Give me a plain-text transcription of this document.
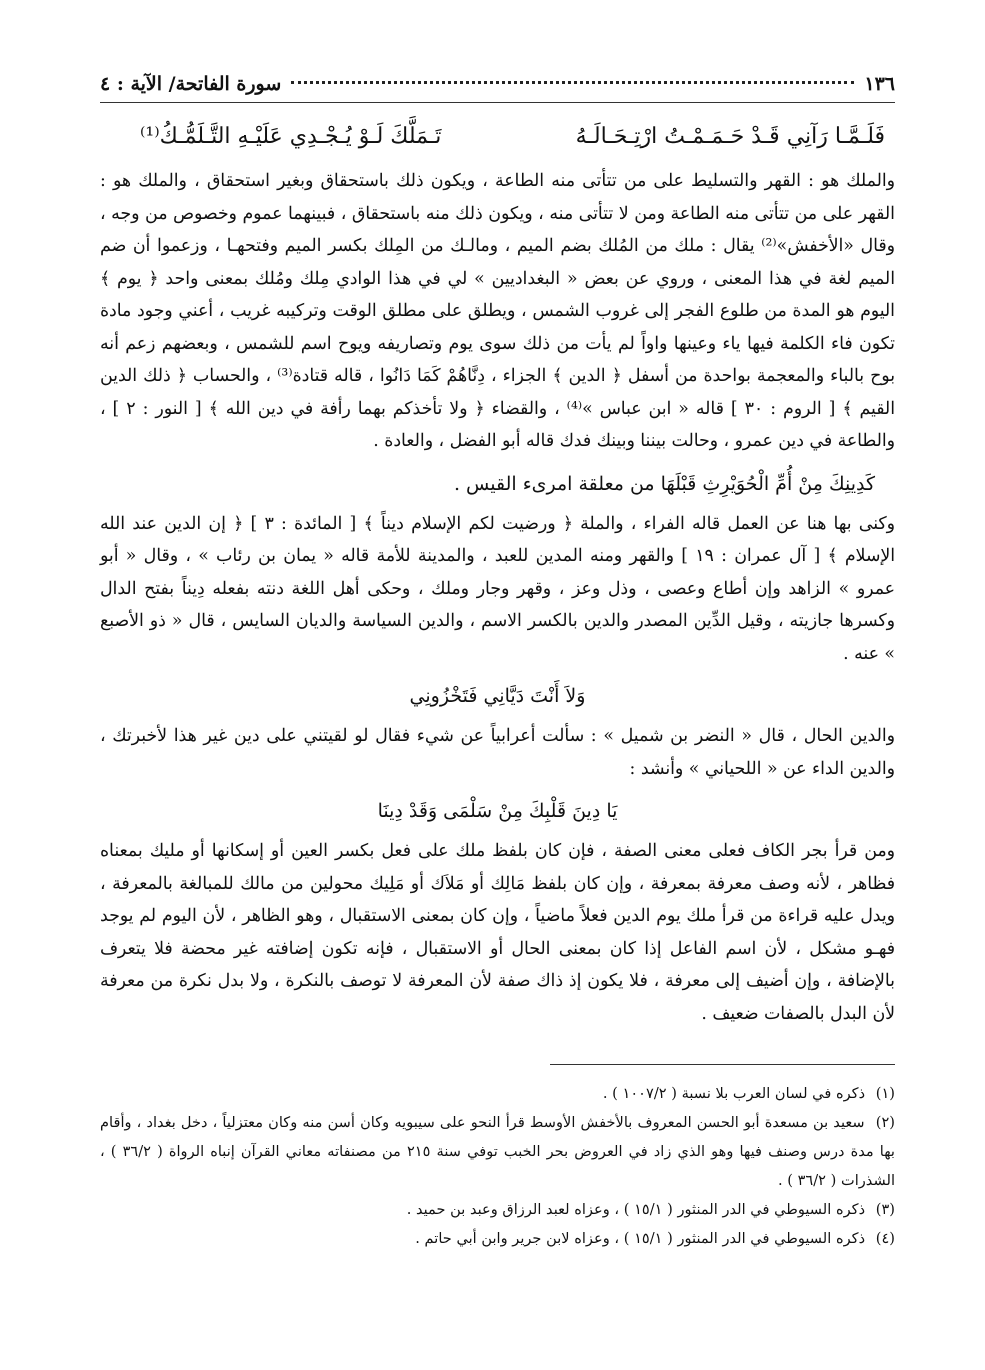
١٣٦
سورة الفاتحة/ الآية : ٤
فَلَـمَّـا رَآنِي قَـدْ حَـمَـمْـتُ ارْتِـحَـالَـهُ
تَـمَلَّكَ لَـوْ يُـجْـدِي عَلَيْـهِ التَّـلَمُّـكُ⁽¹⁾

والملك هو : القهر والتسليط على من تتأتى منه الطاعة ، ويكون ذلك باستحقاق وبغير استحقاق ، والملك هو : القهر على من تتأتى منه الطاعة ومن لا تتأتى منه ، ويكون ذلك منه باستحقاق ، فبينهما عموم وخصوص من وجه ، وقال «الأخفش»⁽²⁾ يقال : ملك من المُلك بضم الميم ، ومالـك من المِلك بكسر الميم وفتحهـا ، وزعموا أن ضم الميم لغة في هذا المعنى ، وروي عن بعض « البغداديين » لي في هذا الوادي مِلك ومُلك بمعنى واحد ﴿ يوم ﴾ اليوم هو المدة من طلوع الفجر إلى غروب الشمس ، ويطلق على مطلق الوقت وتركيبه غريب ، أعني وجود مادة تكون فاء الكلمة فيها ياء وعينها واواً لم يأت من ذلك سوى يوم وتصاريفه ويوح اسم للشمس ، وبعضهم زعم أنه بوح بالباء والمعجمة بواحدة من أسفل ﴿ الدين ﴾ الجزاء ، دِنَّاهُمْ كَمَا دَانُوا ، قاله قتادة⁽³⁾ ، والحساب ﴿ ذلك الدين القيم ﴾ [ الروم : ٣٠ ] قاله « ابن عباس »⁽⁴⁾ ، والقضاء ﴿ ولا تأخذكم بهما رأفة في دين الله ﴾ [ النور : ٢ ] ، والطاعة في دين عمرو ، وحالت بيننا وبينك فدك قاله أبو الفضل ، والعادة .

كَدِينِكَ مِنْ أُمِّ الْحُوَيْرِثِ قَبْلَهَا من معلقة امرىء القيس .

وكنى بها هنا عن العمل قاله الفراء ، والملة ﴿ ورضيت لكم الإسلام ديناً ﴾ [ المائدة : ٣ ] ﴿ إن الدين عند الله الإسلام ﴾ [ آل عمران : ١٩ ] والقهر ومنه المدين للعبد ، والمدينة للأمة قاله « يمان بن رئاب » ، وقال « أبو عمرو » الزاهد وإن أطاع وعصى ، وذل وعز ، وقهر وجار وملك ، وحكى أهل اللغة دنته بفعله دِيناً بفتح الدال وكسرها جازيته ، وقيل الدِّين المصدر والدين بالكسر الاسم ، والدين السياسة والديان السايس ، قال « ذو الأصبع » عنه .

وَلاَ أَنْتَ دَيَّانِي فَتَخْزُونِي

والدين الحال ، قال « النضر بن شميل » : سألت أعرابياً عن شيء فقال لو لقيتني على دين غير هذا لأخبرتك ، والدين الداء عن « اللحياني » وأنشد :

يَا دِينَ قَلْبِكَ مِنْ سَلْمَى وَقَدْ دِينَا

ومن قرأ بجر الكاف فعلى معنى الصفة ، فإن كان بلفظ ملك على فعل بكسر العين أو إسكانها أو مليك بمعناه فظاهر ، لأنه وصف معرفة بمعرفة ، وإن كان بلفظ مَالِك أو مَلاَك أو مَلِيك محولين من مالك للمبالغة بالمعرفة ، ويدل عليه قراءة من قرأ ملك يوم الدين فعلاً ماضياً ، وإن كان بمعنى الاستقبال ، وهو الظاهر ، لأن اليوم لم يوجد فهـو مشكل ، لأن اسم الفاعل إذا كان بمعنى الحال أو الاستقبال ، فإنه تكون إضافته غير محضة فلا يتعرف بالإضافة ، وإن أضيف إلى معرفة ، فلا يكون إذ ذاك صفة لأن المعرفة لا توصف بالنكرة ، ولا بدل نكرة من معرفة لأن البدل بالصفات ضعيف .

(١) ذكره في لسان العرب بلا نسبة ( ١٠٠٧/٢ ) .

(٢) سعيد بن مسعدة أبو الحسن المعروف بالأخفش الأوسط قرأ النحو على سيبويه وكان أسن منه وكان معتزلياً ، دخل بغداد ، وأقام بها مدة درس وصنف فيها وهو الذي زاد في العروض بحر الخبب توفي سنة ٢١٥ من مصنفاته معاني القرآن إنباه الرواة ( ٣٦/٢ ) ، الشذرات ( ٣٦/٢ ) .

(٣) ذكره السيوطي في الدر المنثور ( ١٥/١ ) ، وعزاه لعبد الرزاق وعبد بن حميد .

(٤) ذكره السيوطي في الدر المنثور ( ١٥/١ ) ، وعزاه لابن جرير وابن أبي حاتم .
